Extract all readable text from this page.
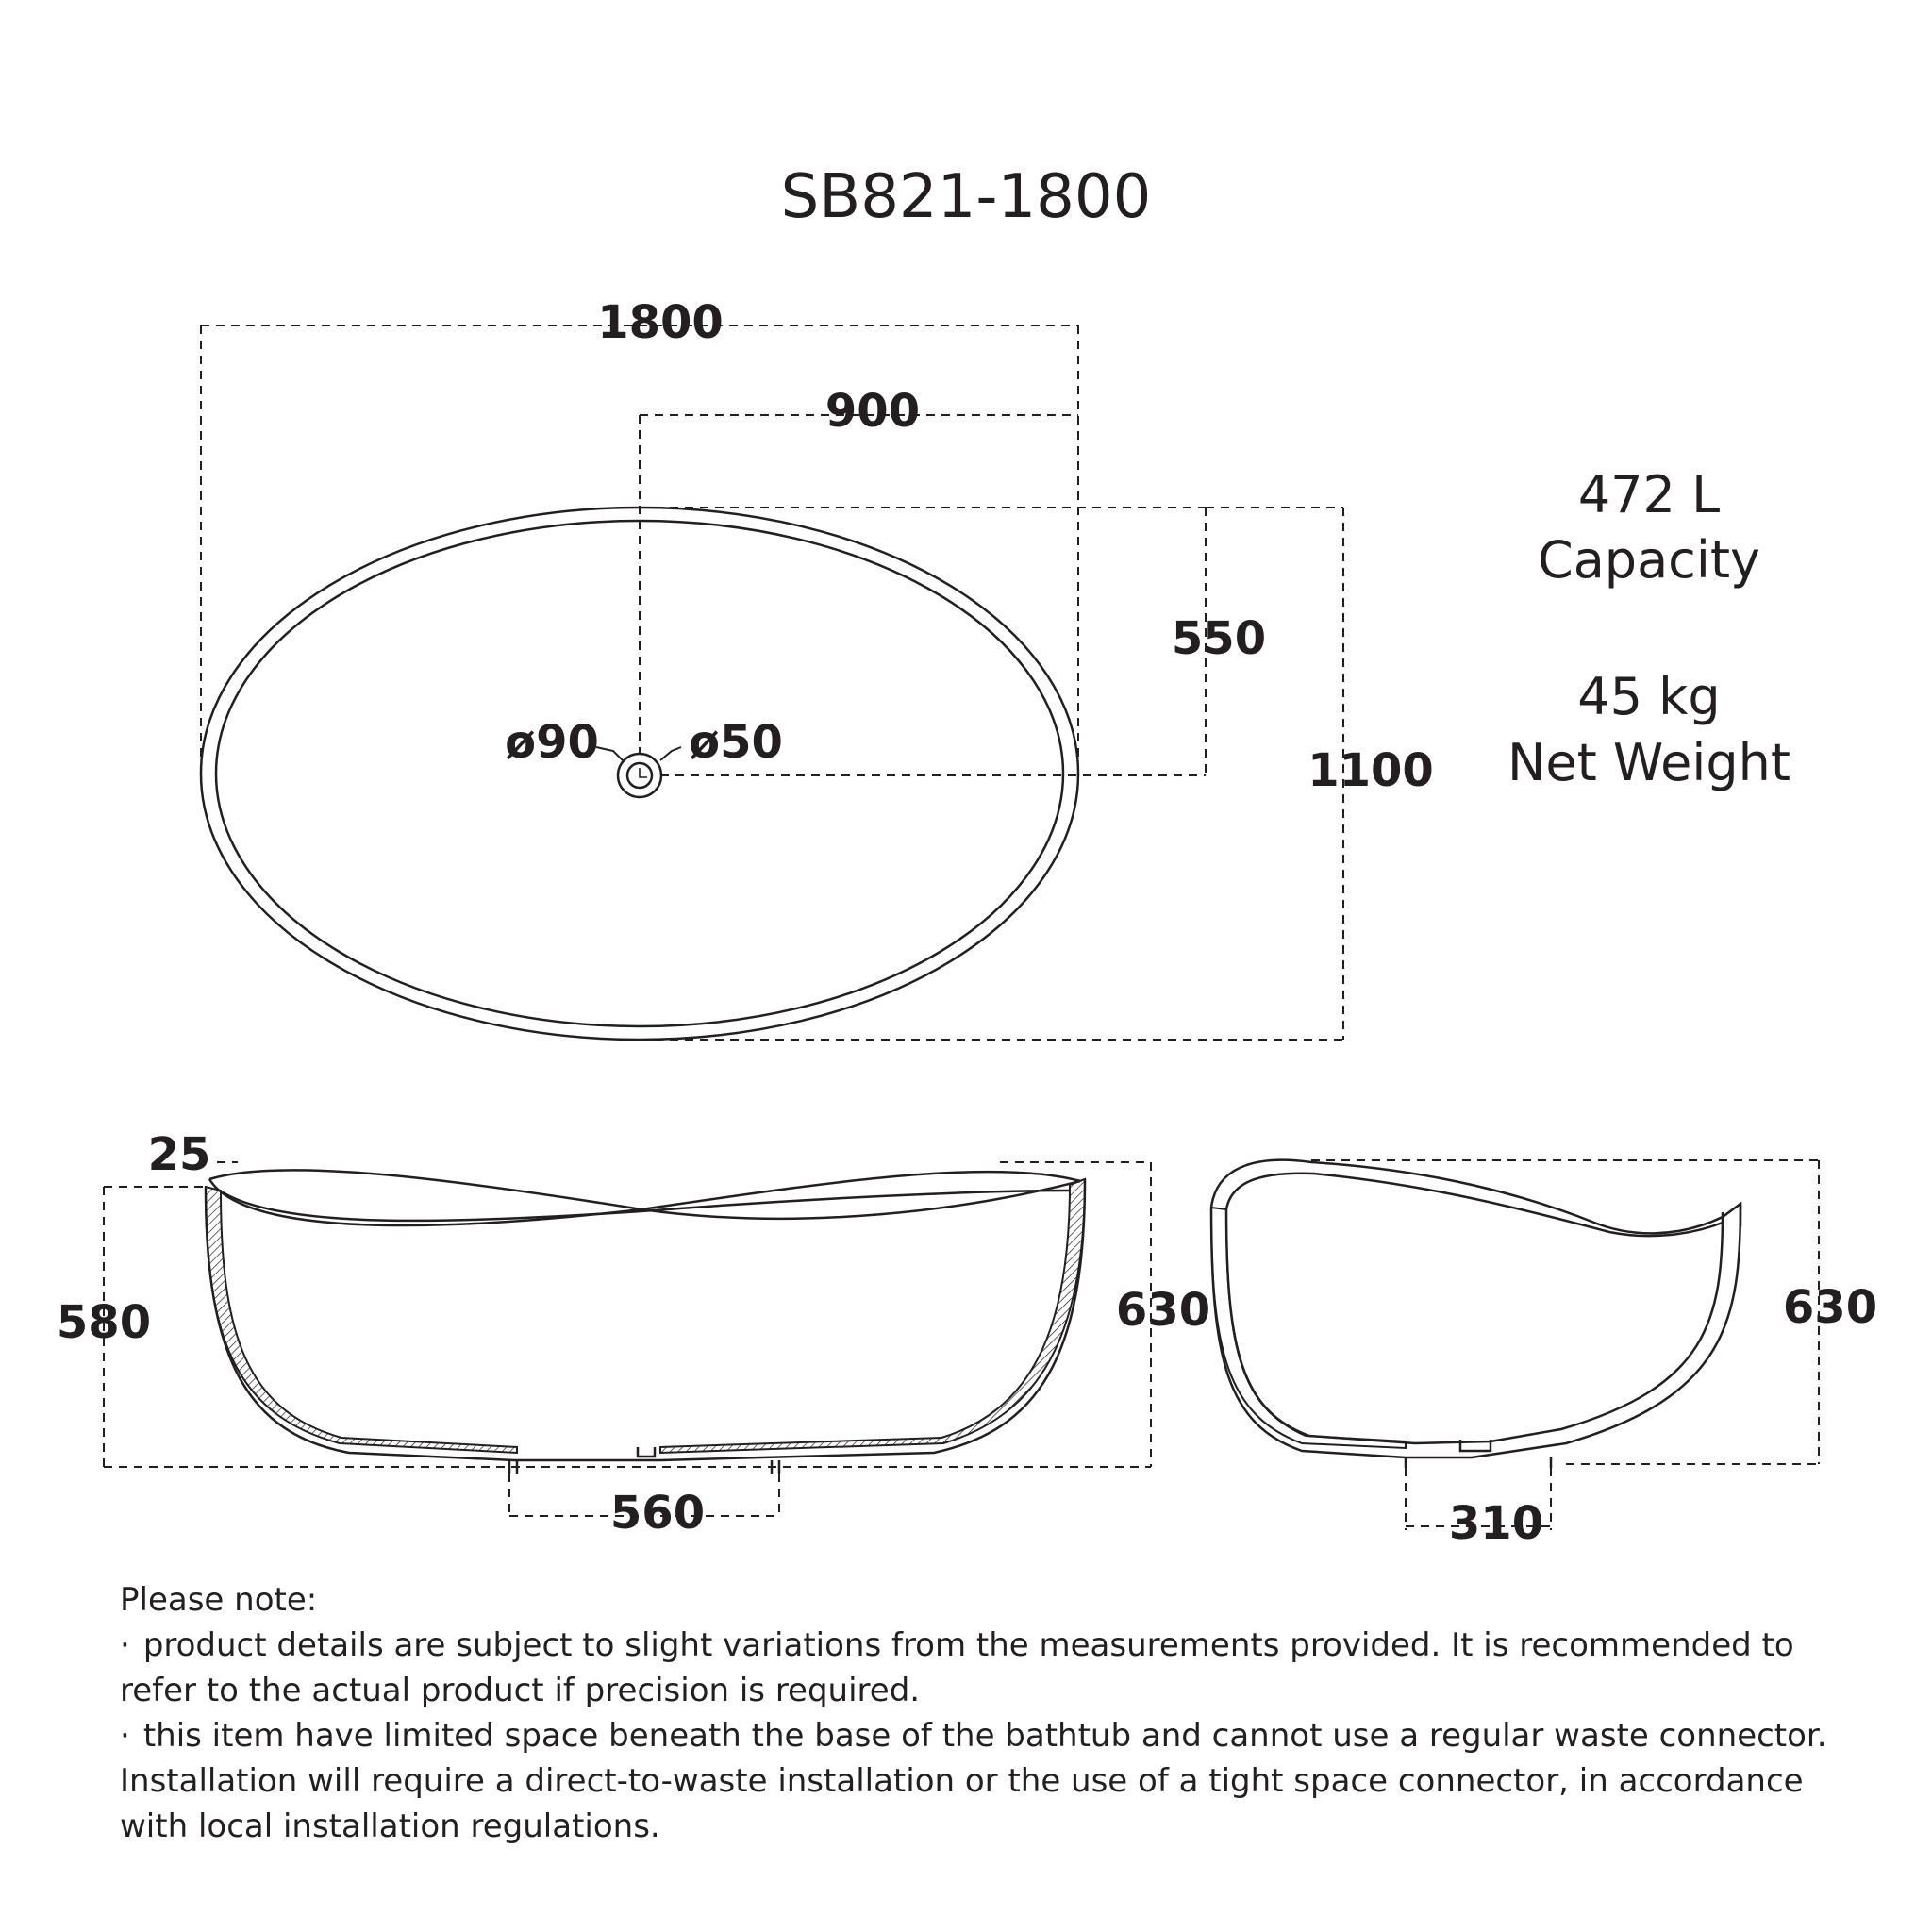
SB821-1800
1800
900
550
1100
ø90 ø50
472 L
Capacity
45 kg
Net Weight
25
580	630
560
630
310

Please note:

· product details are subject to slight variations from the measurements provided. It is recommended to refer to the actual product if precision is required.

· this item have limited space beneath the base of the bathtub and cannot use a regular waste connector. Installation will require a direct-to-waste installation or the use of a tight space connector, in accordance with local installation regulations.
